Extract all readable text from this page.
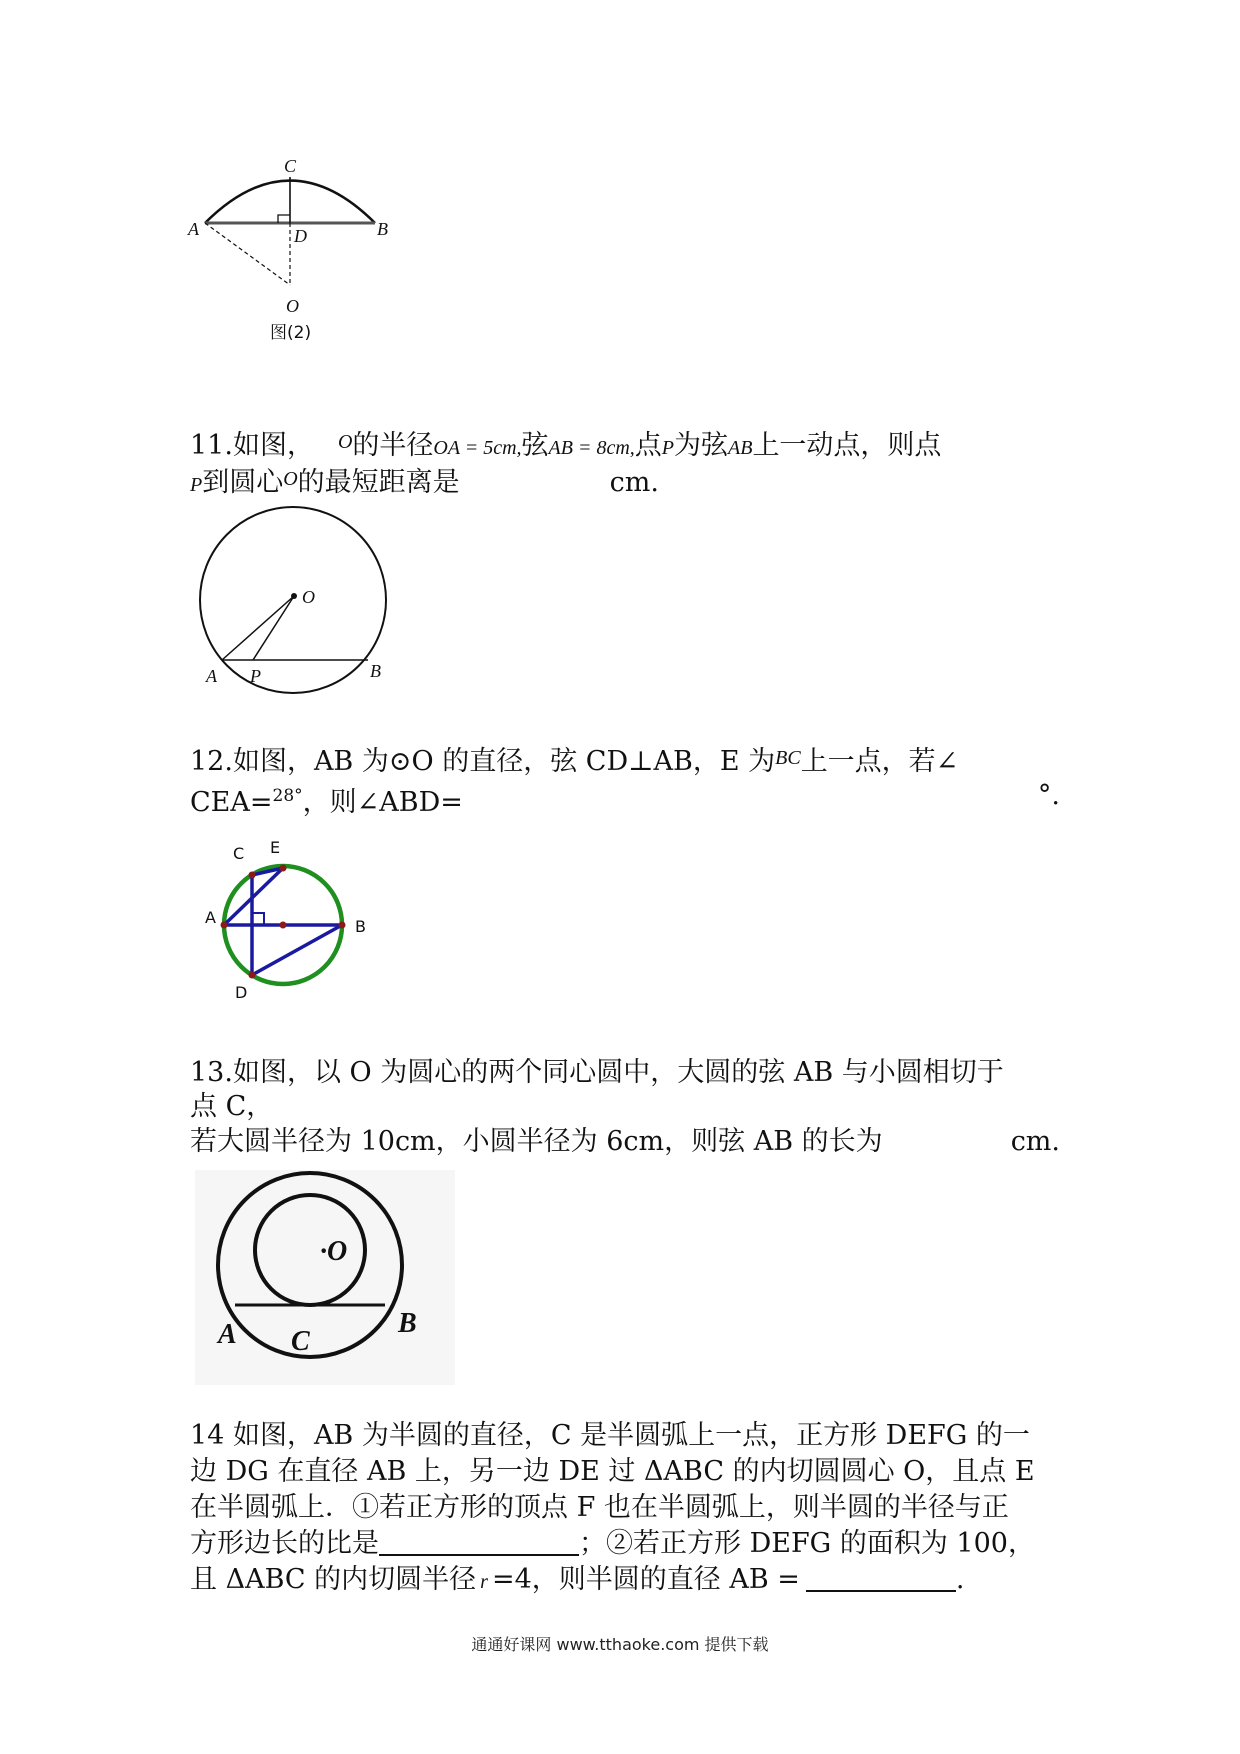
C
A	D	B
O
图(2)
11.如图， $^O$的半径OA = 5cm,弦AB = 8cm,点P为弦AB上一动点，则点
P到圆心$^O$的最短距离是	cm.
O
A P	B
12.如图，AB 为⊙O 的直径，弦 CD⊥AB，E 为$^{BC}$上一点，若∠
CEA=$^{28^\circ}$，则∠ABD=	°.
C E
A	B
D
13.如图，以 O 为圆心的两个同心圆中，大圆的弦 AB 与小圆相切于
点 C，
若大圆半径为 10cm，小圆半径为 6cm，则弦 AB 的长为	cm.
·O
A C
B
14 如图，AB 为半圆的直径，C 是半圆弧上一点，正方形 DEFG 的一
边 DG 在直径 AB 上，另一边 DE 过 ΔABC 的内切圆圆心 O，且点 E
在半圆弧上．①若正方形的顶点 F 也在半圆弧上，则半圆的半径与正
方形边长的比是	；②若正方形 DEFG 的面积为 100，
且 ΔABC 的内切圆半径 r =4，则半圆的直径 AB =	.
通通好课网 www.tthaoke.com 提供下载
